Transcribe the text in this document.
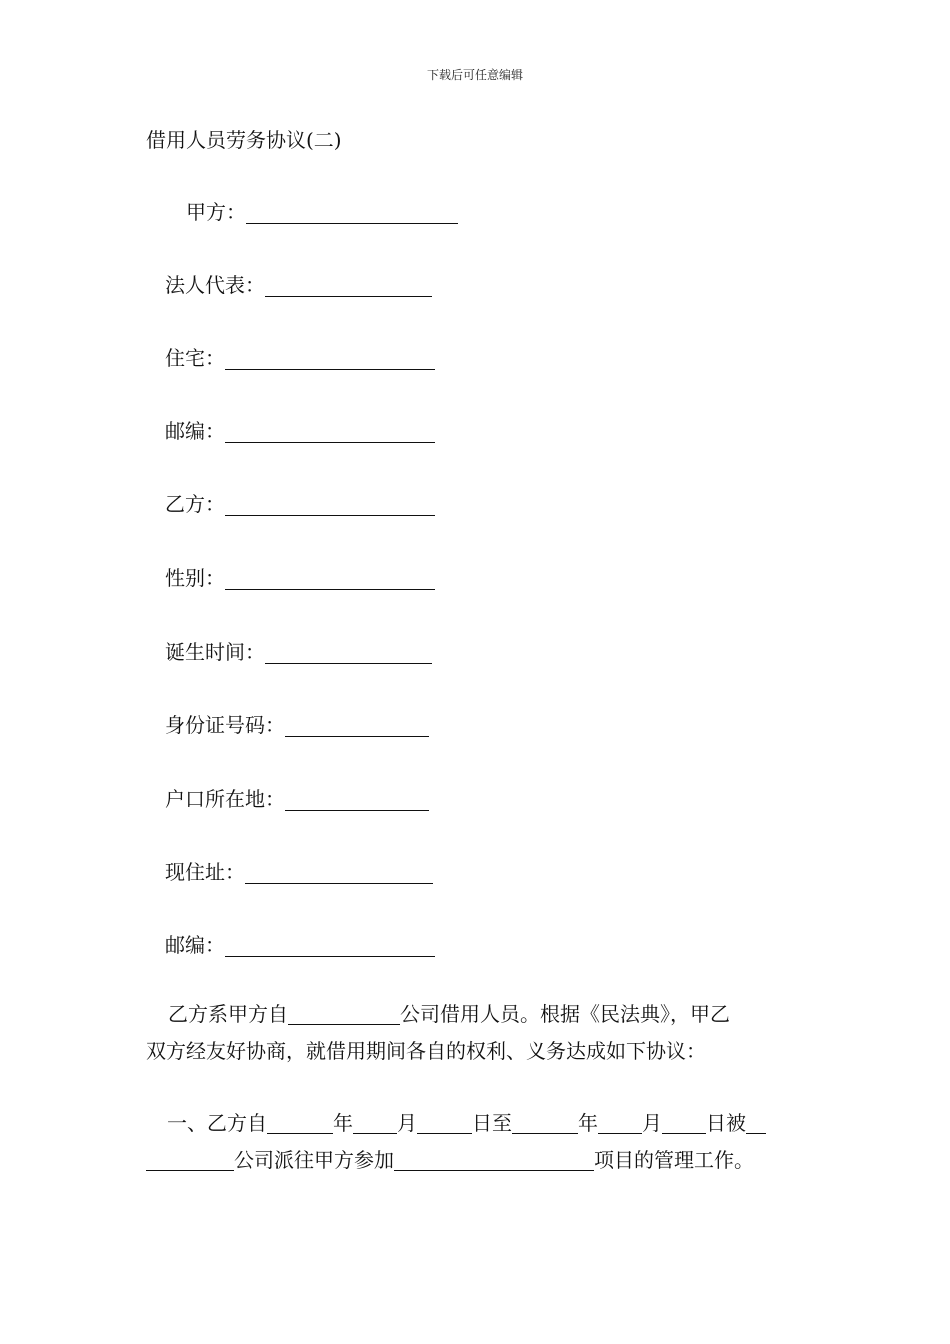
下载后可任意编辑
借用人员劳务协议(二)
甲方：
法人代表：
住宅：
邮编：
乙方：
性别：
诞生时间：
身份证号码：
户口所在地：
现住址：
邮编：
乙方系甲方自	公司借用人员。根据《民法典》，甲乙
双方经友好协商，就借用期间各自的权利、义务达成如下协议：
一、乙方自	年 月	日至	年 月 日被
公司派往甲方参加	项目的管理工作。
